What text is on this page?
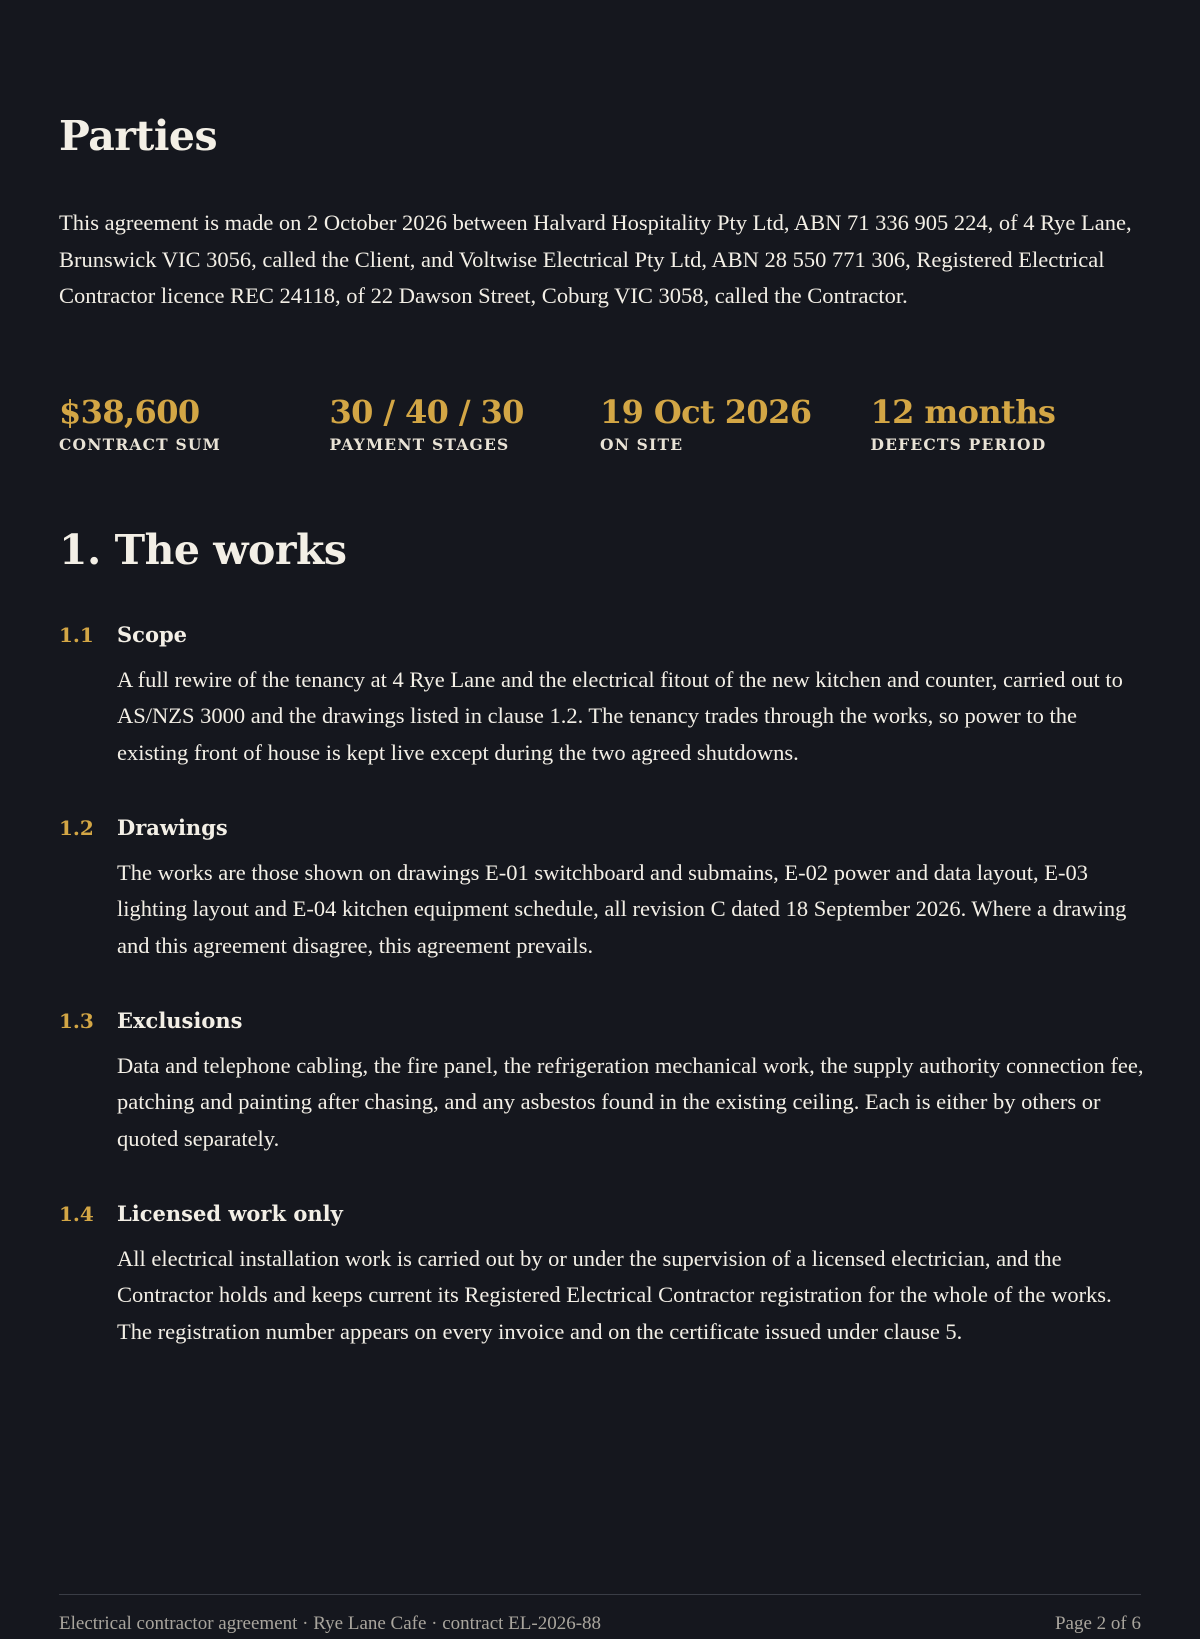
Parties

This agreement is made on 2 October 2026 between Halvard Hospitality Pty Ltd, ABN 71 336 905 224, of 4 Rye Lane, Brunswick VIC 3056, called the Client, and Voltwise Electrical Pty Ltd, ABN 28 550 771 306, Registered Electrical Contractor licence REC 24118, of 22 Dawson Street, Coburg VIC 3058, called the Contractor.

$38,600
CONTRACT SUM
30 / 40 / 30
PAYMENT STAGES
19 Oct 2026
ON SITE
12 months
DEFECTS PERIOD
1. The works
1.1 Scope

A full rewire of the tenancy at 4 Rye Lane and the electrical fitout of the new kitchen and counter, carried out to AS/NZS 3000 and the drawings listed in clause 1.2. The tenancy trades through the works, so power to the existing front of house is kept live except during the two agreed shutdowns.

1.2 Drawings

The works are those shown on drawings E-01 switchboard and submains, E-02 power and data layout, E-03 lighting layout and E-04 kitchen equipment schedule, all revision C dated 18 September 2026. Where a drawing and this agreement disagree, this agreement prevails.

1.3 Exclusions

Data and telephone cabling, the fire panel, the refrigeration mechanical work, the supply authority connection fee, patching and painting after chasing, and any asbestos found in the existing ceiling. Each is either by others or quoted separately.

1.4 Licensed work only

All electrical installation work is carried out by or under the supervision of a licensed electrician, and the Contractor holds and keeps current its Registered Electrical Contractor registration for the whole of the works. The registration number appears on every invoice and on the certificate issued under clause 5.

Electrical contractor agreement · Rye Lane Cafe · contract EL-2026-88	Page 2 of 6
